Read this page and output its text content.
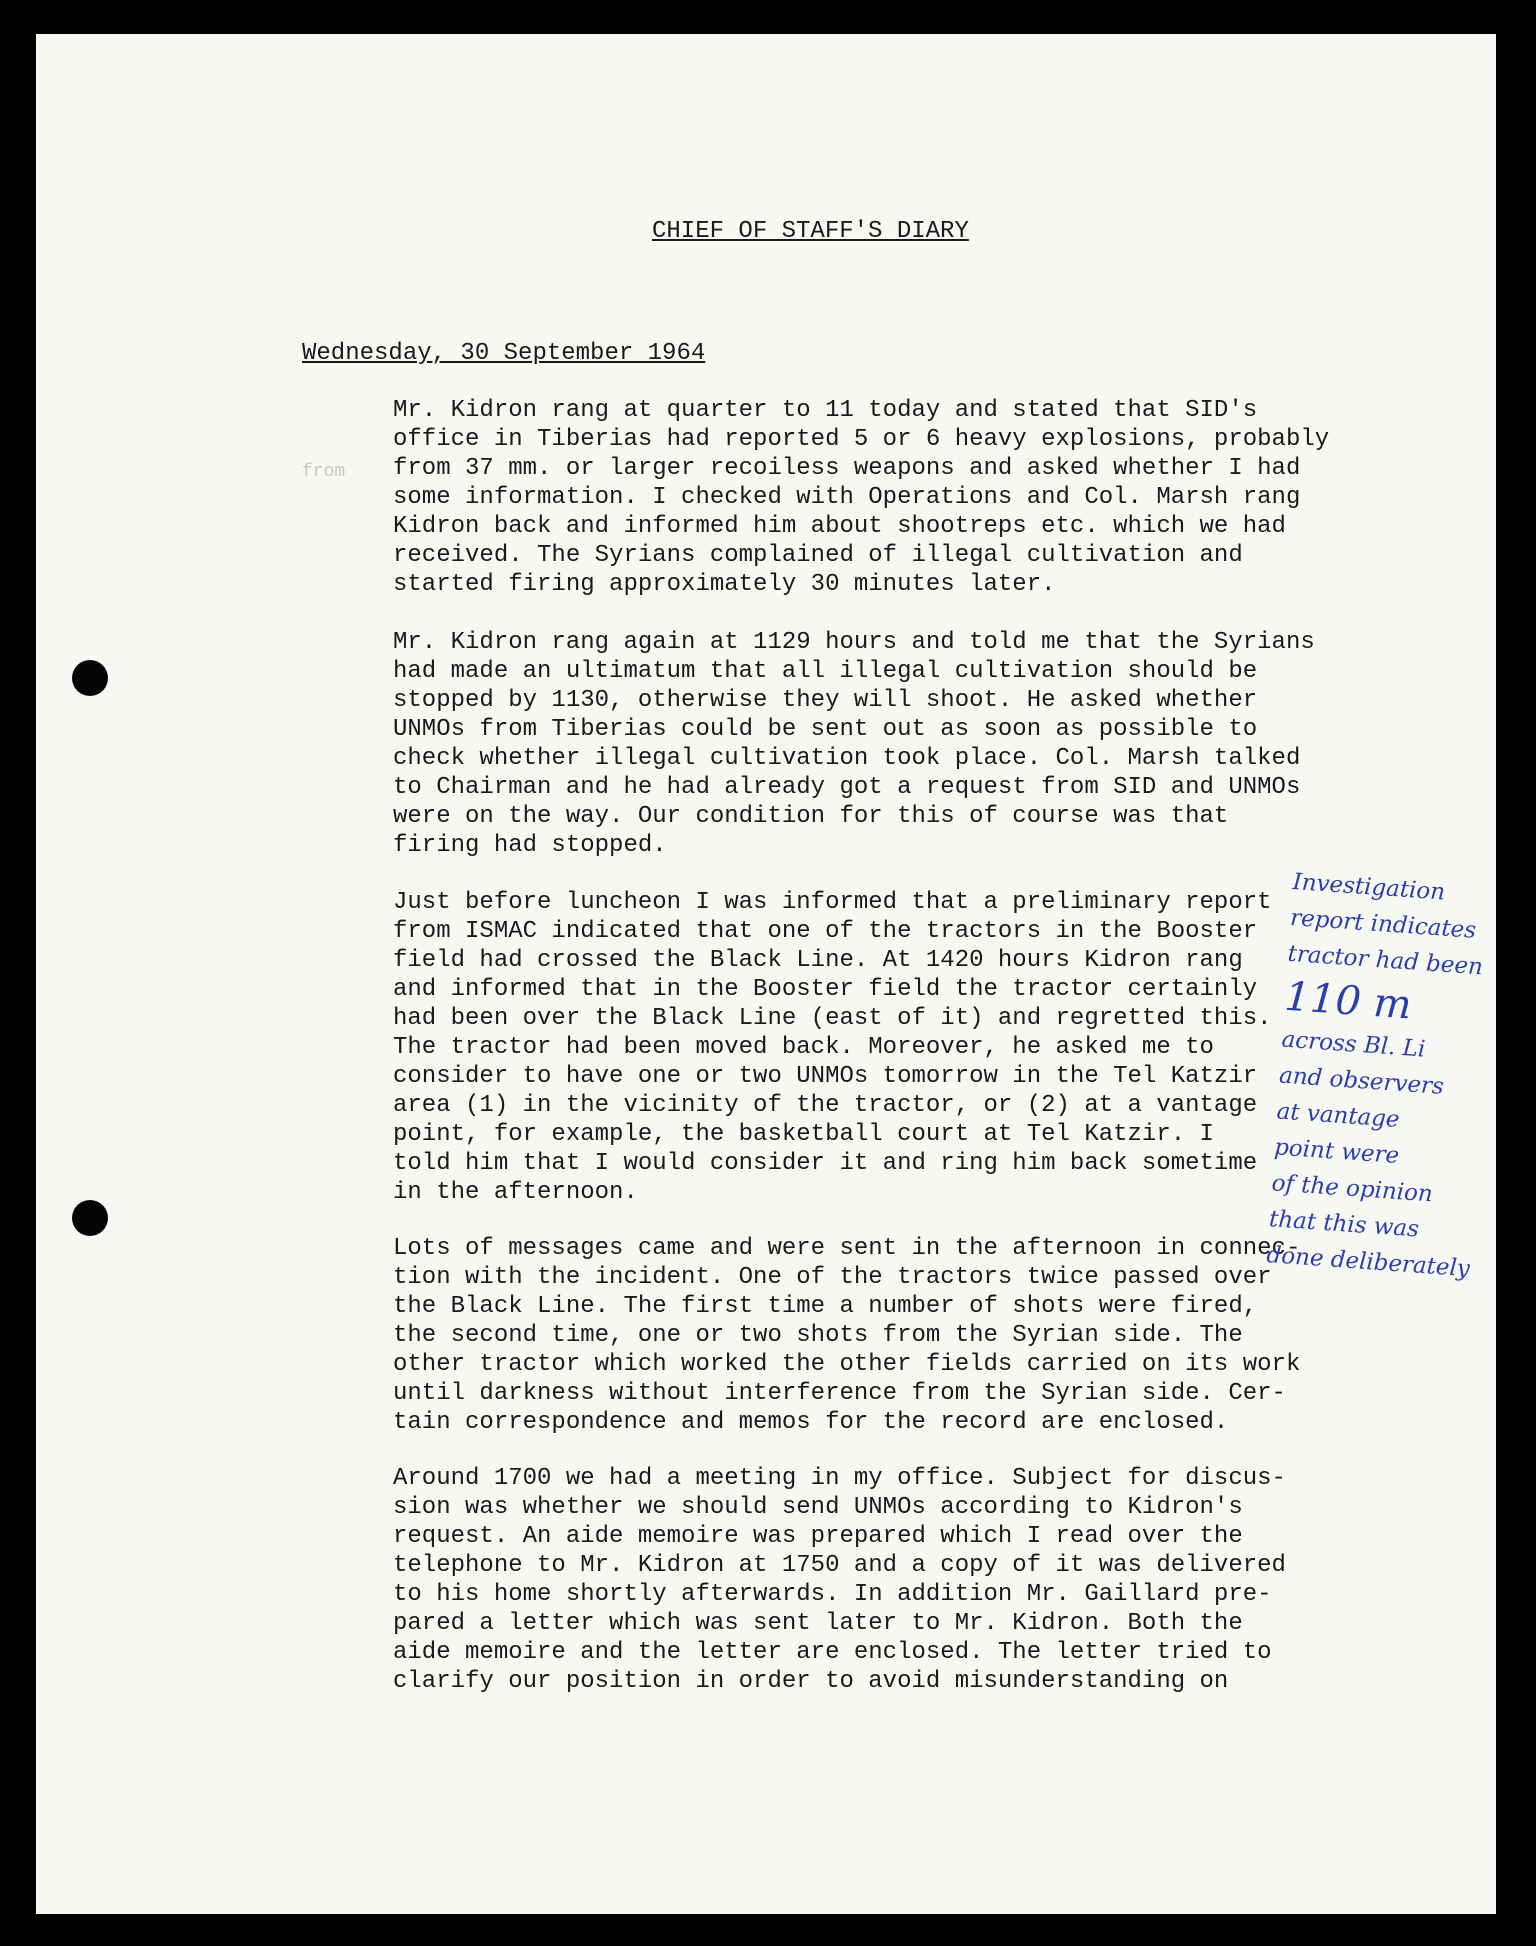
CHIEF OF STAFF'S DIARY
Wednesday, 30 September 1964
from

Mr. Kidron rang at quarter to 11 today and stated that SID's
office in Tiberias had reported 5 or 6 heavy explosions, probably
from 37 mm. or larger recoiless weapons and asked whether I had
some information. I checked with Operations and Col. Marsh rang
Kidron back and informed him about shootreps etc. which we had
received. The Syrians complained of illegal cultivation and
started firing approximately 30 minutes later.

Mr. Kidron rang again at 1129 hours and told me that the Syrians
had made an ultimatum that all illegal cultivation should be
stopped by 1130, otherwise they will shoot. He asked whether
UNMOs from Tiberias could be sent out as soon as possible to
check whether illegal cultivation took place. Col. Marsh talked
to Chairman and he had already got a request from SID and UNMOs
were on the way. Our condition for this of course was that
firing had stopped.

Just before luncheon I was informed that a preliminary report
from ISMAC indicated that one of the tractors in the Booster
field had crossed the Black Line. At 1420 hours Kidron rang
and informed that in the Booster field the tractor certainly
had been over the Black Line (east of it) and regretted this.
The tractor had been moved back. Moreover, he asked me to
consider to have one or two UNMOs tomorrow in the Tel Katzir
area (1) in the vicinity of the tractor, or (2) at a vantage
point, for example, the basketball court at Tel Katzir. I
told him that I would consider it and ring him back sometime
in the afternoon.

Lots of messages came and were sent in the afternoon in connec-
tion with the incident. One of the tractors twice passed over
the Black Line. The first time a number of shots were fired,
the second time, one or two shots from the Syrian side. The
other tractor which worked the other fields carried on its work
until darkness without interference from the Syrian side. Cer-
tain correspondence and memos for the record are enclosed.

Around 1700 we had a meeting in my office. Subject for discus-
sion was whether we should send UNMOs according to Kidron's
request. An aide memoire was prepared which I read over the
telephone to Mr. Kidron at 1750 and a copy of it was delivered
to his home shortly afterwards. In addition Mr. Gaillard pre-
pared a letter which was sent later to Mr. Kidron. Both the
aide memoire and the letter are enclosed. The letter tried to
clarify our position in order to avoid misunderstanding on

Investigation
report indicates
tractor had been
110 m
across Bl. Li
and observers
at vantage
point were
of the opinion
that this was
done deliberately
